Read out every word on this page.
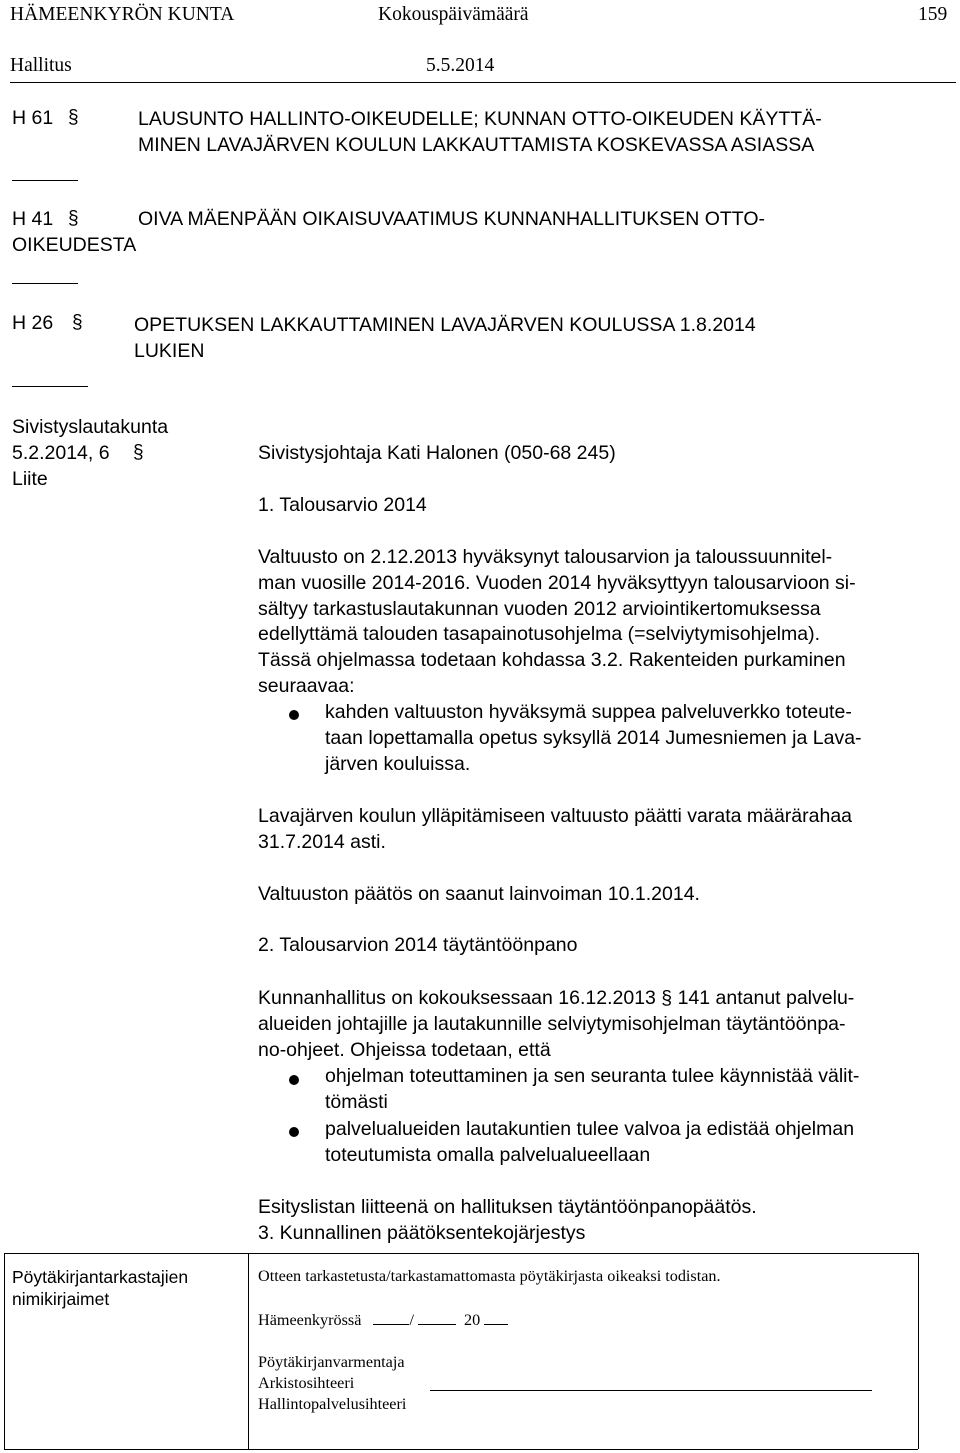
HÄMEENKYRÖN KUNTA	Kokouspäivämäärä	159
Hallitus	5.5.2014
H 61 §	LAUSUNTO HALLINTO-OIKEUDELLE; KUNNAN OTTO-OIKEUDEN KÄYTTÄ-
MINEN LAVAJÄRVEN KOULUN LAKKAUTTAMISTA KOSKEVASSA ASIASSA
H 41 §	OIVA MÄENPÄÄN OIKAISUVAATIMUS KUNNANHALLITUKSEN OTTO-
OIKEUDESTA
H 26 §	OPETUKSEN LAKKAUTTAMINEN LAVAJÄRVEN KOULUSSA 1.8.2014
LUKIEN
Sivistyslautakunta
5.2.2014, 6 §
Liite
Sivistysjohtaja Kati Halonen (050-68 245)
1. Talousarvio 2014
Valtuusto on 2.12.2013 hyväksynyt talousarvion ja taloussuunnitel-
man vuosille 2014-2016. Vuoden 2014 hyväksyttyyn talousarvioon si-
sältyy tarkastuslautakunnan vuoden 2012 arviointikertomuksessa
edellyttämä talouden tasapainotusohjelma (=selviytymisohjelma).
Tässä ohjelmassa todetaan kohdassa 3.2. Rakenteiden purkaminen
seuraavaa:
kahden valtuuston hyväksymä suppea palveluverkko toteute-
taan lopettamalla opetus syksyllä 2014 Jumesniemen ja Lava-
järven kouluissa.
Lavajärven koulun ylläpitämiseen valtuusto päätti varata määrärahaa
31.7.2014 asti.
Valtuuston päätös on saanut lainvoiman 10.1.2014.
2. Talousarvion 2014 täytäntöönpano
Kunnanhallitus on kokouksessaan 16.12.2013 § 141 antanut palvelu-
alueiden johtajille ja lautakunnille selviytymisohjelman täytäntöönpa-
no-ohjeet. Ohjeissa todetaan, että
ohjelman toteuttaminen ja sen seuranta tulee käynnistää välit-
tömästi
palvelualueiden lautakuntien tulee valvoa ja edistää ohjelman
toteutumista omalla palvelualueellaan
Esityslistan liitteenä on hallituksen täytäntöönpanopäätös.
3. Kunnallinen päätöksentekojärjestys
Pöytäkirjantarkastajien
nimikirjaimet
Otteen tarkastetusta/tarkastamattomasta pöytäkirjasta oikeaksi todistan.
Hämeenkyrössä	/	20
Pöytäkirjanvarmentaja
Arkistosihteeri
Hallintopalvelusihteeri
